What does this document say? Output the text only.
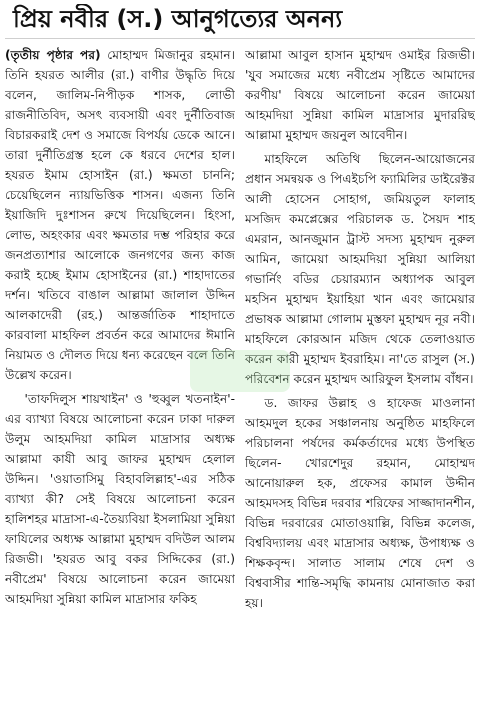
প্রিয় নবীর (স.) আনুগত্যের অনন্য

(তৃতীয় পৃষ্ঠার পর) মোহাম্মদ মিজানুর রহমান। তিনি হযরত আলীর (রা.) বাণীর উদ্ধৃতি দিয়ে বলেন, জালিম-নিপীড়ক শাসক, লোভী রাজনীতিবিদ, অসৎ ব্যবসায়ী এবং দুর্নীতিবাজ বিচারকরাই দেশ ও সমাজে বিপর্যয় ডেকে আনে। তারা দুর্নীতিগ্রস্ত হলে কে ধরবে দেশের হাল। হযরত ইমাম হোসাইন (রা.) ক্ষমতা চাননি; চেয়েছিলেন ন্যায়ভিত্তিক শাসন। এজন্য তিনি ইয়াজিদি দুঃশাসন রুখে দিয়েছিলেন। হিংসা, লোভ, অহংকার এবং ক্ষমতার দম্ভ পরিহার করে জনপ্রত্যাশার আলোকে জনগণের জন্য কাজ করাই হচ্ছে ইমাম হোসাইনের (রা.) শাহাদাতের দর্শন। খতিবে বাঙাল আল্লামা জালাল উদ্দিন আলকাদেরী (রহ.) আন্তর্জাতিক শাহাদাতে কারবালা মাহফিল প্রবর্তন করে আমাদের ঈমানি নিয়ামত ও দৌলত দিয়ে ধন্য করেছেন বলে তিনি উল্লেখ করেন।

'তাফদিলুস শায়খাইন' ও 'হুব্বুল খতনাইন'-এর ব্যাখ্যা বিষয়ে আলোচনা করেন ঢাকা দারুল উলুম আহমদিয়া কামিল মাদ্রাসার অধ্যক্ষ আল্লামা কাযী আবু জাফর মুহাম্মদ হেলাল উদ্দিন। 'ওয়াতাসিমু বিহাবলিল্লাহ'-এর সঠিক ব্যাখ্যা কী? সেই বিষয়ে আলোচনা করেন হালিশহর মাদ্রাসা-এ-তৈয়্যবিয়া ইসলামিয়া সুন্নিয়া ফাযিলের অধ্যক্ষ আল্লামা মুহাম্মদ বদিউল আলম রিজভী। 'হযরত আবু বকর সিদ্দিকের (রা.) নবীপ্রেম' বিষয়ে আলোচনা করেন জামেয়া আহমদিয়া সুন্নিয়া কামিল মাদ্রাসার ফকিহ

আল্লামা আবুল হাসান মুহাম্মদ ওমাইর রিজভী। 'যুব সমাজের মধ্যে নবীপ্রেম সৃষ্টিতে আমাদের করণীয়' বিষয়ে আলোচনা করেন জামেয়া আহমদিয়া সুন্নিয়া কামিল মাদ্রাসার মুদাররিছ আল্লামা মুহাম্মদ জয়নুল আবেদীন।

মাহফিলে অতিথি ছিলেন-আয়োজনের প্রধান সমন্বয়ক ও পিএইচপি ফ্যামিলির ডাইরেক্টর আলী হোসেন সোহাগ, জমিয়তুল ফালাহ মসজিদ কমপ্লেক্সের পরিচালক ড. সৈয়দ শাহ এমরান, আনজুমান ট্রাস্ট সদস্য মুহাম্মদ নুরুল আমিন, জামেয়া আহমদিয়া সুন্নিয়া আলিয়া গভার্নিং বডির চেয়ারম্যান অধ্যাপক আবুল মহসিন মুহাম্মদ ইয়াহিয়া খান এবং জামেয়ার প্রভাষক আল্লামা গোলাম মুস্তফা মুহাম্মদ নূর নবী। মাহফিলে কোরআন মজিদ থেকে তেলাওয়াত করেন কারী মুহাম্মদ ইবরাহিম। না'তে রাসুল (স.) পরিবেশন করেন মুহাম্মদ আরিফুল ইসলাম বাঁধন।

ড. জাফর উল্লাহ ও হাফেজ মাওলানা আহমদুল হকের সঞ্চালনায় অনুষ্ঠিত মাহফিলে পরিচালনা পর্ষদের কর্মকর্তাদের মধ্যে উপস্থিত ছিলেন- খোরশেদুর রহমান, মোহাম্মদ আনোয়ারুল হক, প্রফেসর কামাল উদ্দীন আহমদসহ বিভিন্ন দরবার শরিফের সাজ্জাদানশীন, বিভিন্ন দরবারের মোতাওয়াল্লি, বিভিন্ন কলেজ, বিশ্ববিদ্যালয় এবং মাদ্রাসার অধ্যক্ষ, উপাধ্যক্ষ ও শিক্ষকবৃন্দ। সালাত সালাম শেষে দেশ ও বিশ্ববাসীর শান্তি-সমৃদ্ধি কামনায় মোনাজাত করা হয়।
